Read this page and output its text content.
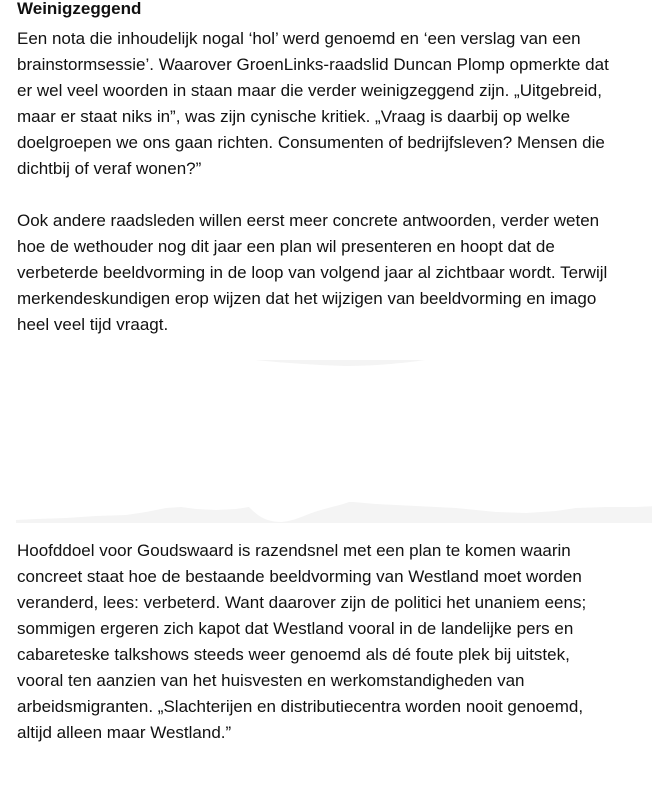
Weinigzeggend

Een nota die inhoudelijk nogal ‘hol’ werd genoemd en ‘een verslag van een
brainstormsessie’. Waarover GroenLinks-raadslid Duncan Plomp opmerkte dat
er wel veel woorden in staan maar die verder weinigzeggend zijn. „Uitgebreid,
maar er staat niks in”, was zijn cynische kritiek. „Vraag is daarbij op welke
doelgroepen we ons gaan richten. Consumenten of bedrijfsleven? Mensen die
dichtbij of veraf wonen?”

Ook andere raadsleden willen eerst meer concrete antwoorden, verder weten
hoe de wethouder nog dit jaar een plan wil presenteren en hoopt dat de
verbeterde beeldvorming in de loop van volgend jaar al zichtbaar wordt. Terwijl
merkendeskundigen erop wijzen dat het wijzigen van beeldvorming en imago
heel veel tijd vraagt.

Hoofddoel voor Goudswaard is razendsnel met een plan te komen waarin
concreet staat hoe de bestaande beeldvorming van Westland moet worden
veranderd, lees: verbeterd. Want daarover zijn de politici het unaniem eens;
sommigen ergeren zich kapot dat Westland vooral in de landelijke pers en
cabareteske talkshows steeds weer genoemd als dé foute plek bij uitstek,
vooral ten aanzien van het huisvesten en werkomstandigheden van
arbeidsmigranten. „Slachterijen en distributiecentra worden nooit genoemd,
altijd alleen maar Westland.”
